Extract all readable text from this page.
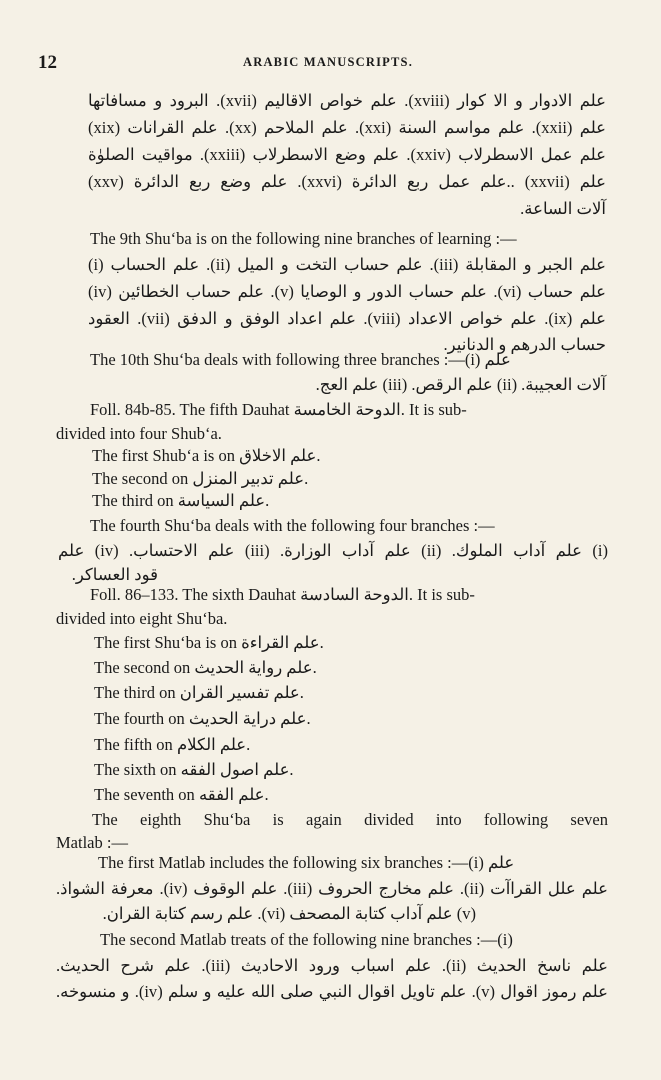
12	ARABIC MANUSCRIPTS.
علم الادوار و الا كوار (xviii). علم خواص الاقاليم (xvii). البرود و مسافاتها
علم (xxii). علم مواسم السنة (xxi). علم الملاحم (xx). علم القرانات (xix)
علم عمل الاسطرلاب (xxiv). علم وضع الاسطرلاب (xxiii). مواقيت الصلوٰة
علم (xxvii) ..علم عمل ربع الدائرة (xxvi). علم وضع ربع الدائرة (xxv)
آلات الساعة.
The 9th Shuʻba is on the following nine branches of learning :—
علم الجبر و المقابلة (iii). علم حساب التخت و الميل (ii). علم الحساب (i)
علم حساب (vi). علم حساب الدور و الوصايا (v). علم حساب الخطائين (iv)
علم (ix). علم خواص الاعداد (viii). علم اعداد الوفق و الدفق (vii). العقود
حساب الدرهم و الدنانير.
The 10th Shuʻba deals with following three branches :—(i) علم
آلات العجيبة. (ii) علم الرقص. (iii) علم العج.
Foll. 84b-85. The fifth Dauhat الدوحة الخامسة. It is sub-
divided into four Shubʻa.
The first Shubʻa is on علم الاخلاق.
The second on علم تدبير المنزل.
The third on علم السياسة.
The fourth Shuʻba deals with the following four branches :—
(i) علم آداب الملوك. (ii) علم آداب الوزارة. (iii) علم الاحتساب. (iv) علم
قود العساكر.
Foll. 86–133. The sixth Dauhat الدوحة السادسة. It is sub-
divided into eight Shuʻba.
The first Shuʻba is on علم القراءة.
The second on علم رواية الحديث.
The third on علم تفسير القران.
The fourth on علم دراية الحديث.
The fifth on علم الكلام.
The sixth on علم اصول الفقه.
The seventh on علم الفقه.
The eighth Shuʻba is again divided into following seven
Matlab :—
The first Matlab includes the following six branches :—(i) علم
علم علل القراآت (ii). علم مخارج الحروف (iii). علم الوقوف (iv). معرفة الشواذ.
(v) علم آداب كتابة المصحف (vi). علم رسم كتابة القران.
The second Matlab treats of the following nine branches :—(i)
علم ناسخ الحديث (ii). علم اسباب ورود الاحاديث (iii). علم شرح الحديث.
علم رموز اقوال (v). علم تاويل اقوال النبي صلى الله عليه و سلم (iv). و منسوخه.
